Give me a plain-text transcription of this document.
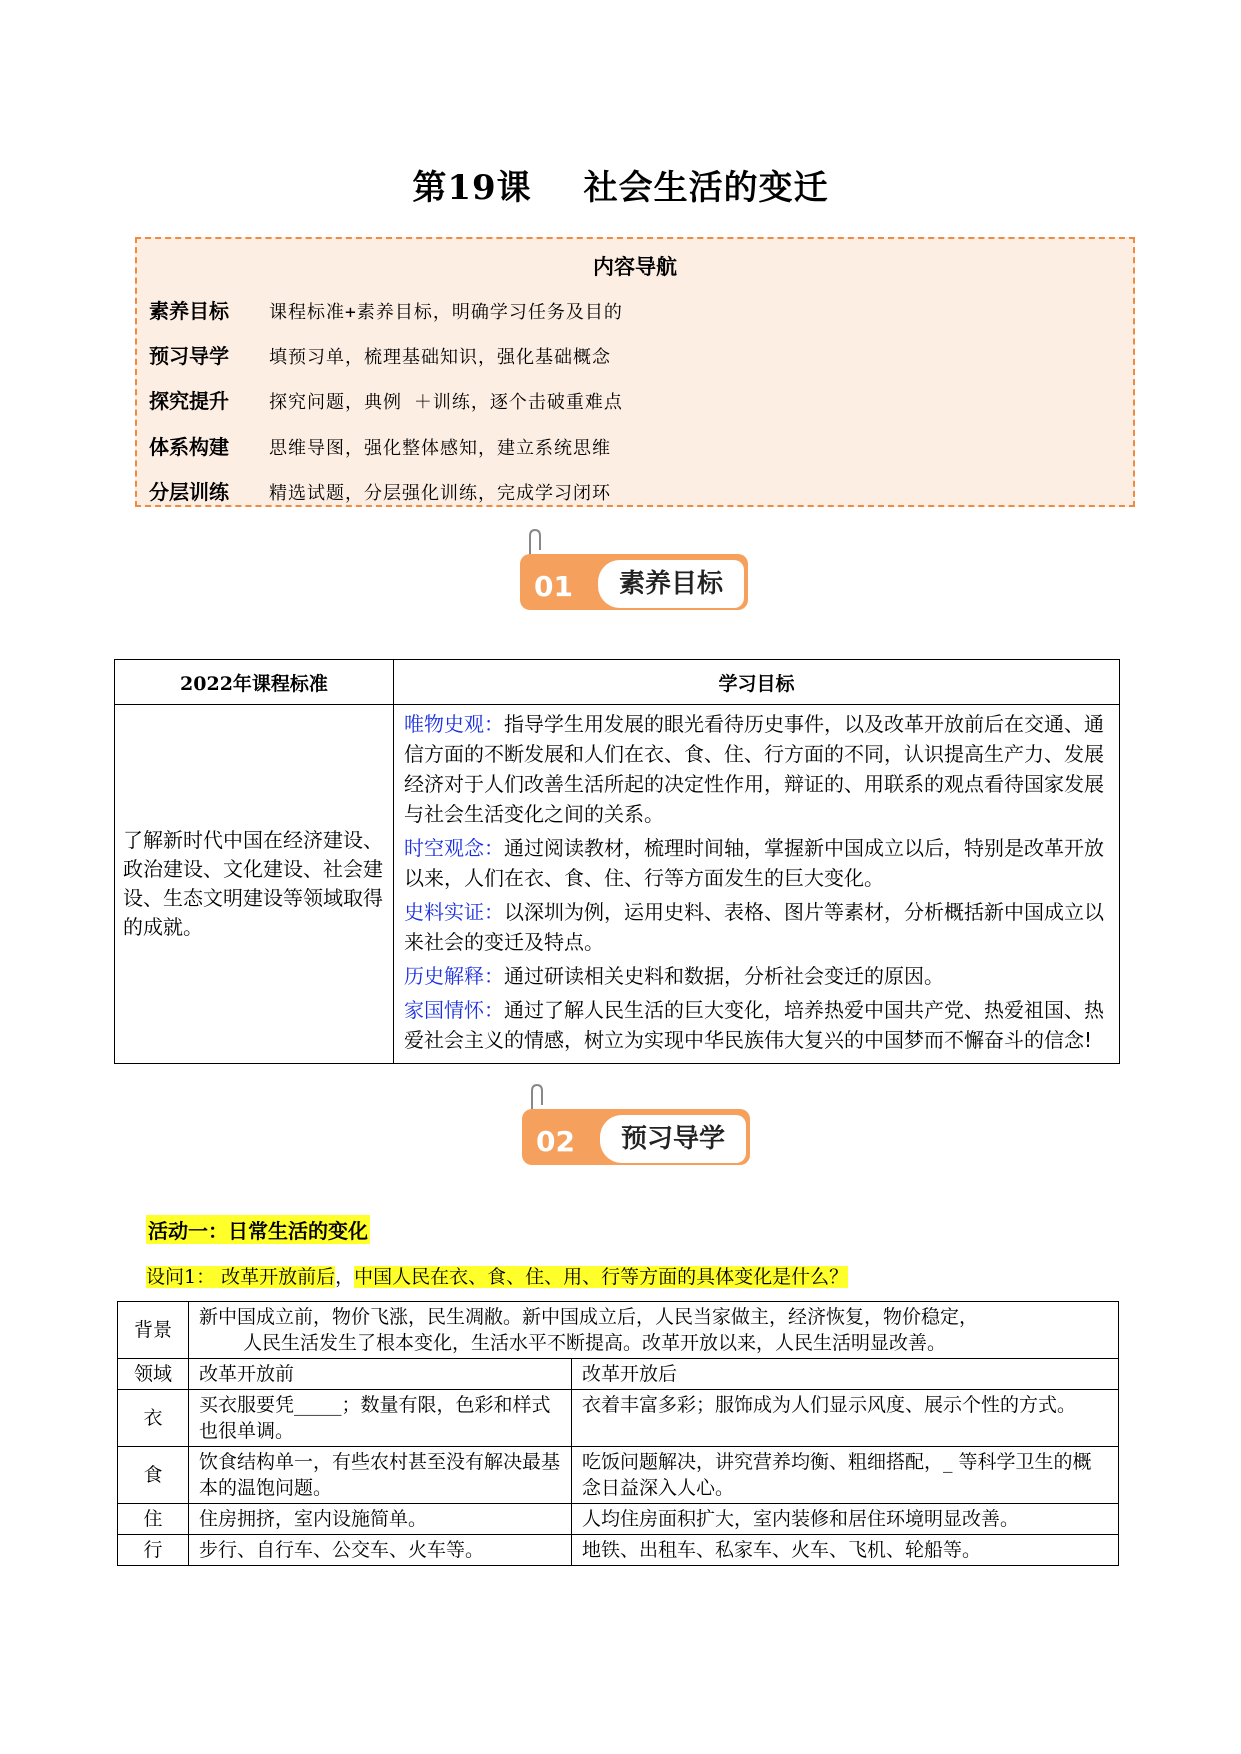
第19课 社会生活的变迁
内容导航
素养目标 课程标准+素养目标，明确学习任务及目的
预习导学 填预习单，梳理基础知识，强化基础概念
探究提升 探究问题，典例 ＋训练，逐个击破重难点
体系构建 思维导图，强化整体感知，建立系统思维
分层训练 精选试题，分层强化训练，完成学习闭环
01	素养目标
2022年课程标准	学习目标
了解新时代中国在经济建设、政治建设、文化建设、社会建设、生态文明建设等领域取得的成就。	唯物史观：指导学生用发展的眼光看待历史事件，以及改革开放前后在交通、通信方面的不断发展和人们在衣、食、住、行方面的不同，认识提高生产力、发展经济对于人们改善生活所起的决定性作用，辩证的、用联系的观点看待国家发展与社会生活变化之间的关系。

时空观念：通过阅读教材，梳理时间轴，掌握新中国成立以后，特别是改革开放以来，人们在衣、食、住、行等方面发生的巨大变化。

史料实证：以深圳为例，运用史料、表格、图片等素材，分析概括新中国成立以来社会的变迁及特点。

历史解释：通过研读相关史料和数据，分析社会变迁的原因。

家国情怀：通过了解人民生活的巨大变化，培养热爱中国共产党、热爱祖国、热爱社会主义的情感，树立为实现中华民族伟大复兴的中国梦而不懈奋斗的信念!

02	预习导学
活动一：日常生活的变化
设问1： 改革开放前后，中国人民在衣、食、住、用、行等方面的具体变化是什么？
背景	新中国成立前，物价飞涨，民生凋敝。新中国成立后，人民当家做主，经济恢复，物价稳定，
人民生活发生了根本变化，生活水平不断提高。改革开放以来，人民生活明显改善。	

领域	改革开放前	改革开放后
衣	买衣服要凭_____；数量有限，色彩和样式也很单调。	衣着丰富多彩；服饰成为人们显示风度、展示个性的方式。
食	饮食结构单一，有些农村甚至没有解决最基本的温饱问题。	吃饭问题解决，讲究营养均衡、粗细搭配，_ 等科学卫生的概念日益深入人心。
住	住房拥挤，室内设施简单。	人均住房面积扩大，室内装修和居住环境明显改善。
行	步行、自行车、公交车、火车等。	地铁、出租车、私家车、火车、飞机、轮船等。
